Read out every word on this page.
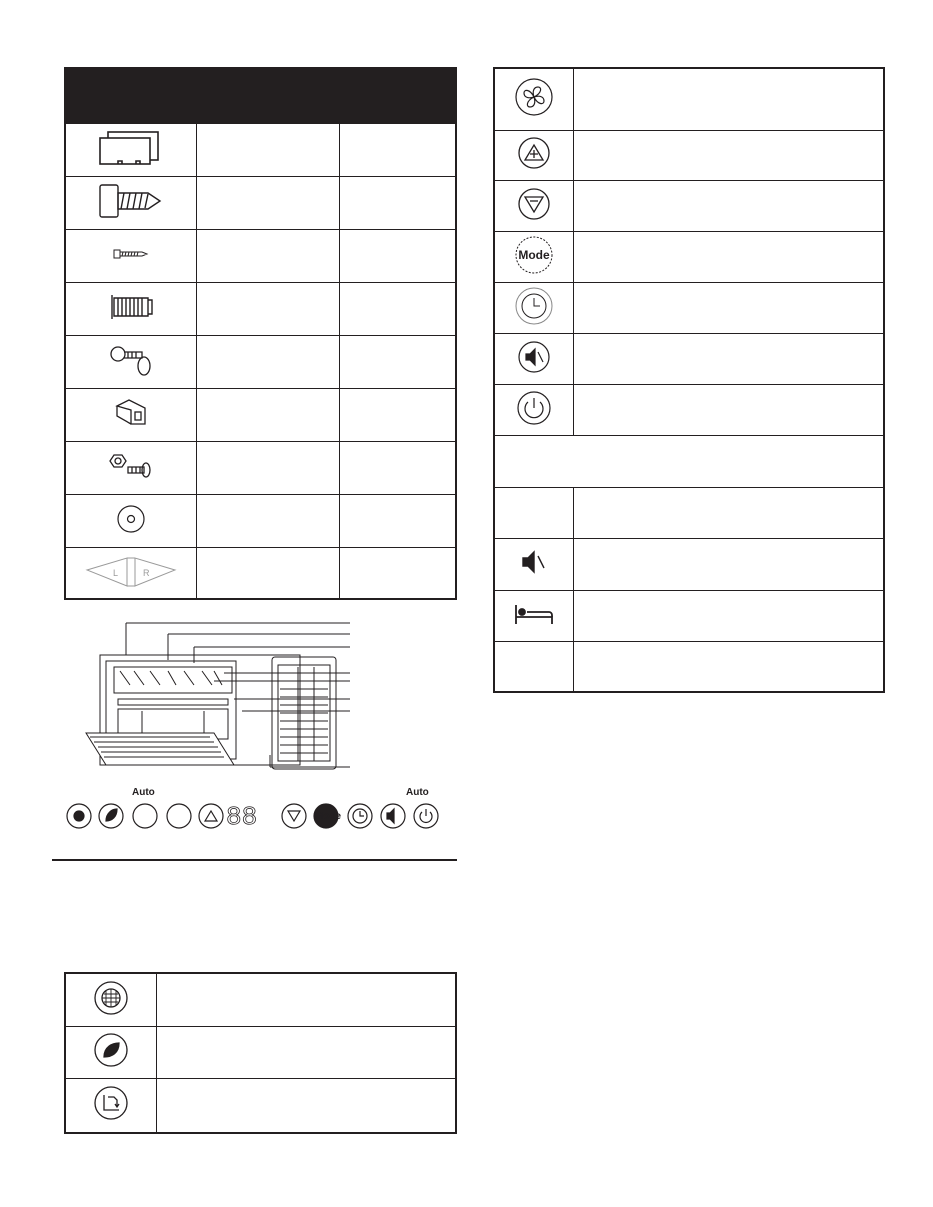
L	R
Auto	Auto
88	Mode
Mode
